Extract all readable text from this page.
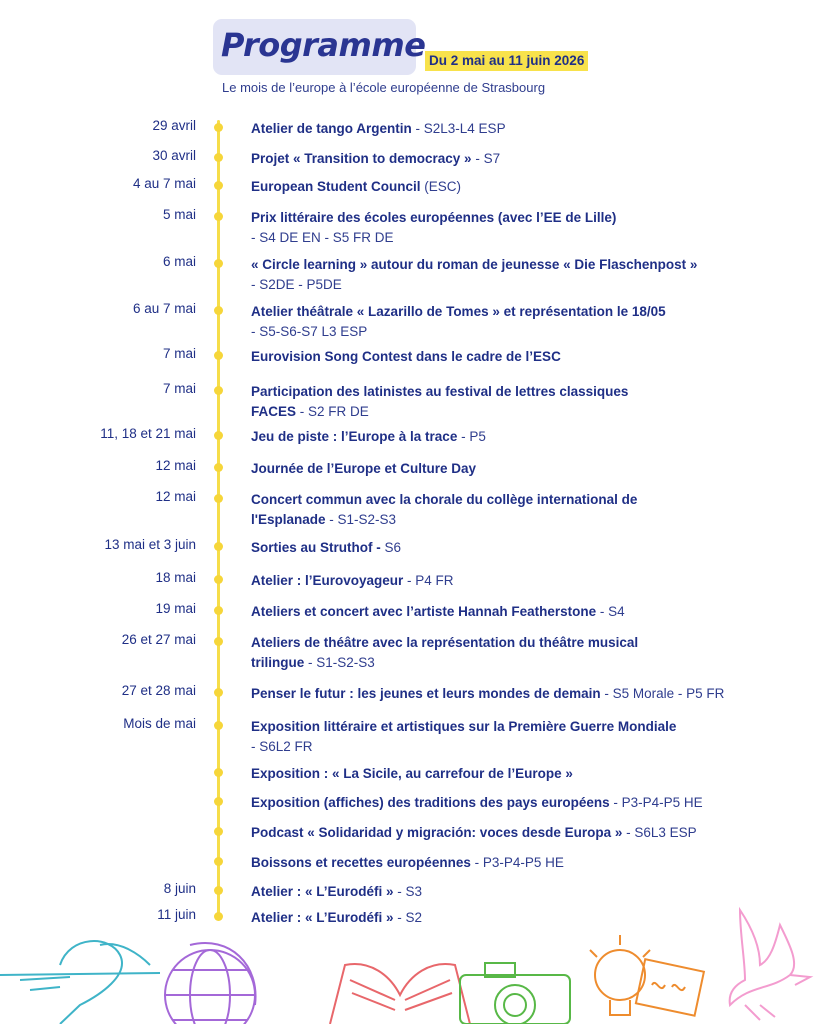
Programme Du 2 mai au 11 juin 2026
Le mois de l’europe à l’école européenne de Strasbourg
29 avril	Atelier de tango Argentin - S2L3-L4 ESP
30 avril	Projet « Transition to democracy » - S7
4 au 7 mai	European Student Council (ESC)
5 mai	Prix littéraire des écoles européennes (avec l’EE de Lille)
- S4 DE EN - S5 FR DE
6 mai	« Circle learning » autour du roman de jeunesse « Die Flaschenpost »
- S2DE - P5DE
6 au 7 mai	Atelier théâtrale « Lazarillo de Tomes » et représentation le 18/05
- S5-S6-S7 L3 ESP
7 mai	Eurovision Song Contest dans le cadre de l’ESC
7 mai	Participation des latinistes au festival de lettres classiques
FACES - S2 FR DE
11, 18 et 21 mai	Jeu de piste : l’Europe à la trace - P5
12 mai	Journée de l’Europe et Culture Day
12 mai	Concert commun avec la chorale du collège international de
l'Esplanade - S1-S2-S3
13 mai et 3 juin	Sorties au Struthof - S6
18 mai	Atelier : l’Eurovoyageur - P4 FR
19 mai	Ateliers et concert avec l’artiste Hannah Featherstone - S4
26 et 27 mai	Ateliers de théâtre avec la représentation du théâtre musical
trilingue - S1-S2-S3
27 et 28 mai	Penser le futur : les jeunes et leurs mondes de demain - S5 Morale - P5 FR
Mois de mai	Exposition littéraire et artistiques sur la Première Guerre Mondiale
- S6L2 FR
Exposition : « La Sicile, au carrefour de l’Europe »
Exposition (affiches) des traditions des pays européens - P3-P4-P5 HE
Podcast « Solidaridad y migración: voces desde Europa » - S6L3 ESP
Boissons et recettes européennes - P3-P4-P5 HE
8 juin	Atelier : « L’Eurodéfi » - S3
11 juin	Atelier : « L’Eurodéfi » - S2
